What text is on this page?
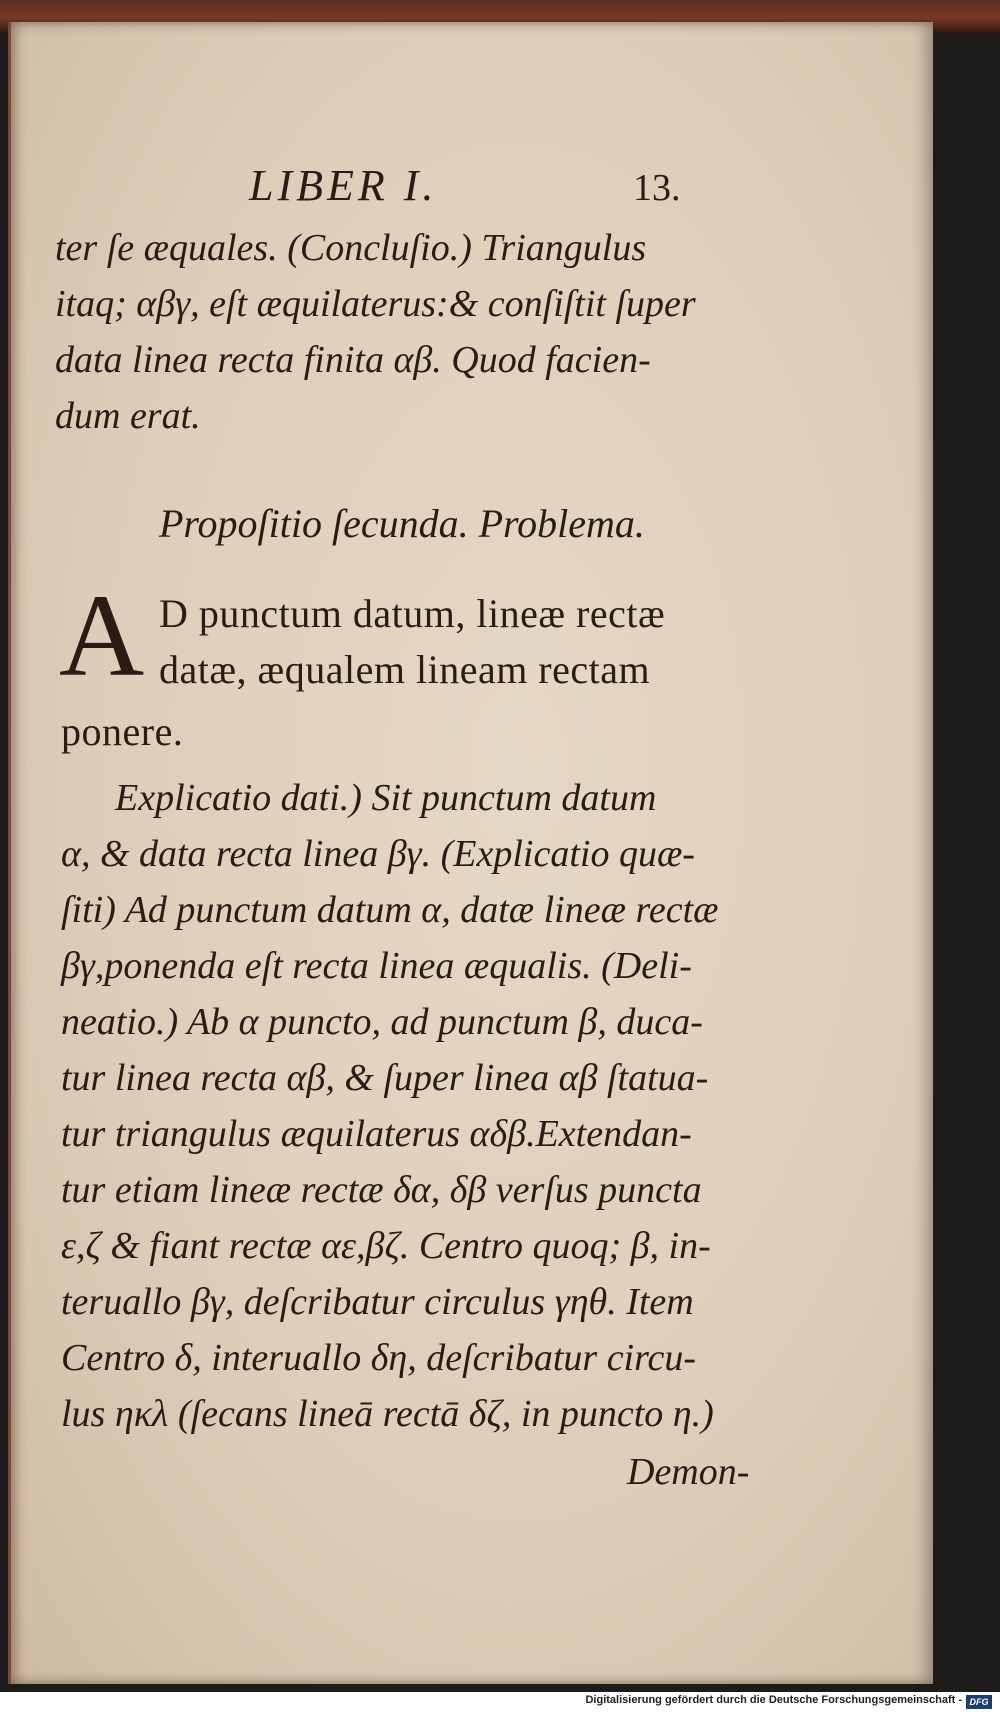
LIBER I.	13.
ter ſe æquales. (Concluſio.) Triangulus
itaq; αβγ, eſt æquilaterus:& conſiſtit ſuper
data linea recta finita αβ. Quod facien-
dum erat.
Propoſitio ſecunda. Problema.
A D punctum datum, lineæ rectæ
datæ, æqualem lineam rectam
ponere.
Explicatio dati.) Sit punctum datum
α, & data recta linea βγ. (Explicatio quæ-
ſiti) Ad punctum datum α, datæ lineæ rectæ
βγ,ponenda eſt recta linea æqualis. (Deli-
neatio.) Ab α puncto, ad punctum β, duca-
tur linea recta αβ, & ſuper linea αβ ſtatua-
tur triangulus æquilaterus αδβ.Extendan-
tur etiam lineæ rectæ δα, δβ verſus puncta
ε,ζ & fiant rectæ αε,βζ. Centro quoq; β, in-
teruallo βγ, deſcribatur circulus γηθ. Item
Centro δ, interuallo δη, deſcribatur circu-
lus ηκλ (ſecans lineā rectā δζ, in puncto η.)
Demon-
Digitalisierung gefördert durch die Deutsche Forschungsgemeinschaft - DFG
